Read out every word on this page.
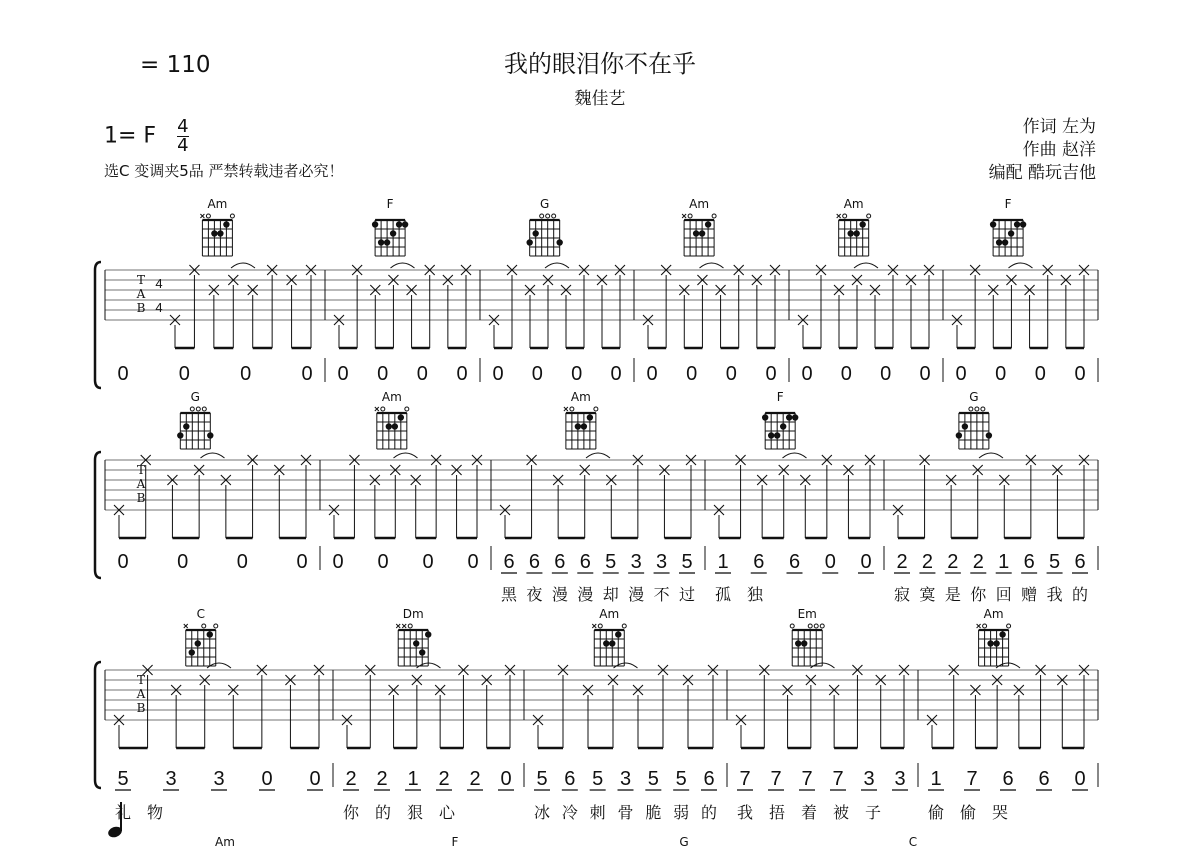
我的眼泪你不在乎
魏佳艺
= 110
1= F $\frac{4}{4}$	作词 左为
作曲 赵洋
编配 酷玩吉他
选C 变调夹5品 严禁转载违者必究！
T
A
B
4
4
0	0	0	0 0 0 0 0 0 0 0 0 0 0 0 0 0 0 0 0 0 0 0 0
Am	F	G	Am	Am	F
T
A
B
0 0 0 0 0 0 0 0 6 6 6 6 5 3 3 5
黑 夜 漫 漫 却 漫 不 过
1 6 6 0 0
孤 独
2 2 2 2 1 6 5 6
寂 寞 是 你 回 赠 我 的
G	Am	Am	F	G
T
A
B
5 3 3 0 0
礼 物
2 2 1 2 2 0
你 的 狠 心
5 6 5 3 5 5 6
冰 冷 刺 骨 脆 弱 的
7 7 7 7 3 3
我 捂 着 被 子
1 7 6 6 0
偷 偷 哭
C	Dm	Am	Em	Am
Am	F	G	C
